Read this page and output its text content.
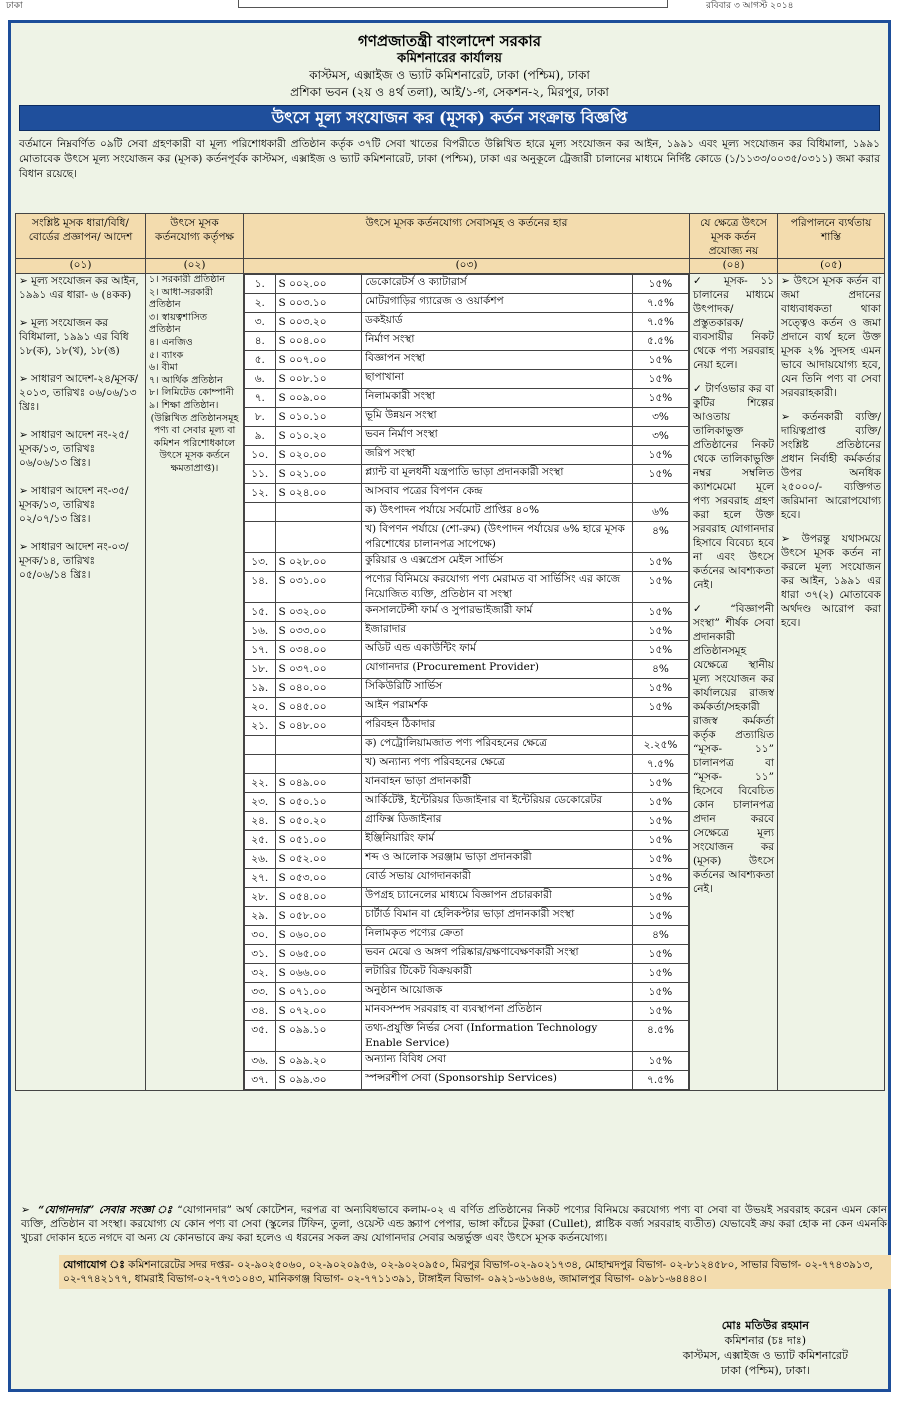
ঢাকা	রবিবার ৩ আগস্ট ২০১৪
গণপ্রজাতন্ত্রী বাংলাদেশ সরকার
কমিশনারের কার্যালয়
কাস্টমস, এক্সাইজ ও ভ্যাট কমিশনারেট, ঢাকা (পশ্চিম), ঢাকা
প্রশিকা ভবন (২য় ও ৪র্থ তলা), আই/১-গ, সেকশন-২, মিরপুর, ঢাকা
উৎসে মূল্য সংযোজন কর (মূসক) কর্তন সংক্রান্ত বিজ্ঞপ্তি
বর্তমানে নিম্নবর্ণিত ০৯টি সেবা গ্রহণকারী বা মূল্য পরিশোধকারী প্রতিষ্ঠান কর্তৃক ৩৭টি সেবা খাতের বিপরীতে উল্লিখিত হারে মূল্য সংযোজন কর আইন, ১৯৯১ এবং মূল্য সংযোজন কর বিধিমালা, ১৯৯১ মোতাবেক উৎসে মূল্য সংযোজন কর (মূসক) কর্তনপূর্বক কাস্টমস, এক্সাইজ ও ভ্যাট কমিশনারেট, ঢাকা (পশ্চিম), ঢাকা এর অনুকূলে ট্রেজারী চালানের মাধ্যমে নির্দিষ্ট কোডে (১/১১৩৩/০০৩৫/০৩১১) জমা করার বিধান রয়েছে।
সংশ্লিষ্ট মূসক ধারা/বিধি/বোর্ডের প্রজ্ঞাপন/ আদেশ	উৎসে মূসক কর্তনযোগ্য কর্তৃপক্ষ	উৎসে মূসক কর্তনযোগ্য সেবাসমূহ ও কর্তনের হার	যে ক্ষেত্রে উৎসে মূসক কর্তন প্রযোজ্য নয়	পরিপালনে ব্যর্থতায় শাস্তি
(০১)	(০২)	(০৩)	(০৪)	(০৫)

➢ মূল্য সংযোজন কর আইন, ১৯৯১ এর ধারা- ৬ (৪কক)
➢ মূল্য সংযোজন কর বিধিমালা, ১৯৯১ এর বিধি ১৮(ক), ১৮(খ), ১৮(ঙ)
➢ সাধারণ আদেশ-২৪/মূসক/২০১৩, তারিখঃ ০৬/০৬/১৩ খ্রিঃ।
➢ সাধারণ আদেশ নং-২৫/মূসক/১৩, তারিখঃ ০৬/০৬/১৩ খ্রিঃ।
➢ সাধারণ আদেশ নং-৩৫/মূসক/১৩, তারিখঃ ০২/০৭/১৩ খ্রিঃ।
➢ সাধারণ আদেশ নং-০৩/মূসক/১৪, তারিখঃ ০৫/০৬/১৪ খ্রিঃ।

১। সরকারী প্রতিষ্ঠান
২। আধা-সরকারী প্রতিষ্ঠান
৩। স্বায়ত্বশাসিত প্রতিষ্ঠান
৪। এনজিও
৫। ব্যাংক
৬। বীমা
৭। আর্থিক প্রতিষ্ঠান
৮। লিমিটেড কোম্পানী
৯। শিক্ষা প্রতিষ্ঠান।
(উল্লিখিত প্রতিষ্ঠানসমূহ পণ্য বা সেবার মূল্য বা কমিশন পরিশোধকালে উৎসে মূসক কর্তনে ক্ষমতাপ্রাপ্ত)।

১.	S ০০২.০০	ডেকোরেটর্স ও ক্যাটারার্স	১৫%
২.	S ০০৩.১০	মোটরগাড়ির গ্যারেজ ও ওয়ার্কশপ	৭.৫%
৩.	S ০০৩.২০	ডকইয়ার্ড	৭.৫%
৪.	S ০০৪.০০	নির্মাণ সংস্থা	৫.৫%
৫.	S ০০৭.০০	বিজ্ঞাপন সংস্থা	১৫%
৬.	S ০০৮.১০	ছাপাখানা	১৫%
৭.	S ০০৯.০০	নিলামকারী সংস্থা	১৫%
৮.	S ০১০.১০	ভূমি উন্নয়ন সংস্থা	৩%
৯.	S ০১০.২০	ভবন নির্মাণ সংস্থা	৩%
১০.	S ০২০.০০	জরিপ সংস্থা	১৫%
১১.	S ০২১.০০	প্ল্যান্ট বা মূলধনী যন্ত্রপাতি ভাড়া প্রদানকারী সংস্থা	১৫%
১২.	S ০২৪.০০	আসবাব পত্রের বিপণন কেন্দ্র	
		ক) উৎপাদন পর্যায়ে সর্বমোট প্রাপ্তির ৪০%	৬%
		খ) বিপণন পর্যায়ে (শো-রুম) (উৎপাদন পর্যায়ের ৬% হারে মূসক পরিশোধের চালানপত্র সাপেক্ষে)	৪%
১৩.	S ০২৮.০০	কুরিয়ার ও এক্সপ্রেস মেইল সার্ভিস	১৫%
১৪.	S ০৩১.০০	পণ্যের বিনিময়ে করযোগ্য পণ্য মেরামত বা সার্ভিসিং এর কাজে নিয়োজিত ব্যক্তি, প্রতিষ্ঠান বা সংস্থা	১৫%
১৫.	S ০৩২.০০	কনসালটেন্সী ফার্ম ও সুপারভাইজারী ফার্ম	১৫%
১৬.	S ০৩৩.০০	ইজারাদার	১৫%
১৭.	S ০৩৪.০০	অডিট এন্ড একাউন্টিং ফার্ম	১৫%
১৮.	S ০৩৭.০০	যোগানদার (Procurement Provider)	৪%
১৯.	S ০৪০.০০	সিকিউরিটি সার্ভিস	১৫%
২০.	S ০৪৫.০০	আইন পরামর্শক	১৫%
২১.	S ০৪৮.০০	পরিবহন ঠিকাদার	
		ক) পেট্রোলিয়ামজাত পণ্য পরিবহনের ক্ষেত্রে	২.২৫%
		খ) অন্যান্য পণ্য পরিবহনের ক্ষেত্রে	৭.৫%
২২.	S ০৪৯.০০	যানবাহন ভাড়া প্রদানকারী	১৫%
২৩.	S ০৫০.১০	আর্কিটেক্ট, ইন্টেরিয়র ডিজাইনার বা ইন্টেরিয়র ডেকোরেটর	১৫%
২৪.	S ০৫০.২০	গ্রাফিক্স ডিজাইনার	১৫%
২৫.	S ০৫১.০০	ইঞ্জিনিয়ারিং ফার্ম	১৫%
২৬.	S ০৫২.০০	শব্দ ও আলোক সরঞ্জাম ভাড়া প্রদানকারী	১৫%
২৭.	S ০৫৩.০০	বোর্ড সভায় যোগদানকারী	১৫%
২৮.	S ০৫৪.০০	উপগ্রহ চ্যানেলের মাধ্যমে বিজ্ঞাপন প্রচারকারী	১৫%
২৯.	S ০৫৮.০০	চার্টার্ড বিমান বা হেলিকপ্টার ভাড়া প্রদানকারী সংস্থা	১৫%
৩০.	S ০৬০.০০	নিলামকৃত পণ্যের ক্রেতা	৪%
৩১.	S ০৬৫.০০	ভবন মেঝে ও অঙ্গণ পরিষ্কার/রক্ষণাবেক্ষণকারী সংস্থা	১৫%
৩২.	S ০৬৬.০০	লটারির টিকেট বিক্রয়কারী	১৫%
৩৩.	S ০৭১.০০	অনুষ্ঠান আয়োজক	১৫%
৩৪.	S ০৭২.০০	মানবসম্পদ সরবরাহ বা ব্যবস্থাপনা প্রতিষ্ঠান	১৫%
৩৫.	S ০৯৯.১০	তথ্য-প্রযুক্তি নির্ভর সেবা (Information Technology Enable Service)	৪.৫%
৩৬.	S ০৯৯.২০	অন্যান্য বিবিধ সেবা	১৫%
৩৭.	S ০৯৯.৩০	স্পন্সরশীপ সেবা (Sponsorship Services)	৭.৫%

✓ মূসক- ১১ চালানের মাধ্যমে উৎপাদক/প্রস্তুতকারক/ ব্যবসায়ীর নিকট থেকে পণ্য সরবরাহ নেয়া হলে।
✓ টার্ণওভার কর বা কুটির শিল্পের আওতায় তালিকাভুক্ত প্রতিষ্ঠানের নিকট থেকে তালিকাভুক্তি নম্বর সম্বলিত ক্যাশমেমো মূলে পণ্য সরবরাহ গ্রহণ করা হলে উক্ত সরবরাহ যোগানদার হিসাবে বিবেচ্য হবে না এবং উৎসে কর্তনের আবশ্যকতা নেই।
✓ “বিজ্ঞাপনী সংস্থা” শীর্ষক সেবা প্রদানকারী প্রতিষ্ঠানসমূহ যেক্ষেত্রে স্থানীয় মূল্য সংযোজন কর কার্যালয়ের রাজস্ব কর্মকর্তা/সহকারী রাজস্ব কর্মকর্তা কর্তৃক প্রত্যায়িত “মূসক- ১১” চালানপত্র বা “মূসক- ১১” হিসেবে বিবেচিত কোন চালানপত্র প্রদান করবে সেক্ষেত্রে মূল্য সংযোজন কর (মূসক) উৎসে কর্তনের আবশ্যকতা নেই।

➢ উৎসে মূসক কর্তন বা জমা প্রদানের বাধ্যবাধকতা থাকা সত্ত্বেও কর্তন ও জমা প্রদানে ব্যর্থ হলে উক্ত মূসক ২% সুদসহ এমন ভাবে আদায়যোগ্য হবে, যেন তিনি পণ্য বা সেবা সরবরাহকারী।
➢ কর্তনকারী ব্যক্তি/ দায়িত্বপ্রাপ্ত ব্যক্তি/ সংশ্লিষ্ট প্রতিষ্ঠানের প্রধান নির্বাহী কর্মকর্তার উপর অনধিক ২৫০০০/- ব্যক্তিগত জরিমানা আরোপযোগ্য হবে।
➢ উপরন্তু যথাসময়ে উৎসে মূসক কর্তন না করলে মূল্য সংযোজন কর আইন, ১৯৯১ এর ধারা ৩৭(২) মোতাবেক অর্থদণ্ড আরোপ করা হবে।
➢  “যোগানদার” সেবার সংজ্ঞা ঃ “যোগানদার” অর্থ কোটেশন, দরপত্র বা অন্যবিধভাবে কলাম-০২ এ বর্ণিত প্রতিষ্ঠানের নিকট পণ্যের বিনিময়ে করযোগ্য পণ্য বা সেবা বা উভয়ই সরবরাহ করেন এমন কোন ব্যক্তি, প্রতিষ্ঠান বা সংস্থা। করযোগ্য যে কোন পণ্য বা সেবা (স্কুলের টিফিন, তুলা, ওয়েস্ট এন্ড স্ক্র্যাপ পেপার, ভাঙ্গা কাঁচের টুকরা (Cullet), প্লাষ্টিক বর্জ্য সরবরাহ ব্যতীত) যেভাবেই ক্রয় করা হোক না কেন এমনকি খুচরা দোকান হতে নগদে বা অন্য যে কোনভাবে ক্রয় করা হলেও এ ধরনের সকল ক্রয় যোগানদার সেবার অন্তর্ভুক্ত এবং উৎসে মূসক কর্তনযোগ্য।
যোগাযোগ ঃ কমিশনারেটের সদর দপ্তর- ০২-৯০২৫০৬০, ০২-৯০২০৯৫৬, ০২-৯০২০৯৫০, মিরপুর বিভাগ-০২-৯০২১৭৩৪, মোহাম্মদপুর বিভাগ- ০২-৮১২৪৫৮০, সাভার বিভাগ- ০২-৭৭৪৩৯১৩, ০২-৭৭৪২১৭৭, ধামরাই বিভাগ-০২-৭৭৩১০৪৩, মানিকগঞ্জ বিভাগ- ০২-৭৭১১৩৯১, টাঙ্গাইল বিভাগ- ০৯২১-৬১৬৪৬, জামালপুর বিভাগ- ০৯৮১-৬৪৪৪০।
মোঃ মতিউর রহমান
কমিশনার (চঃ দাঃ)
কাস্টমস, এক্সাইজ ও ভ্যাট কমিশনারেট
ঢাকা (পশ্চিম), ঢাকা।
